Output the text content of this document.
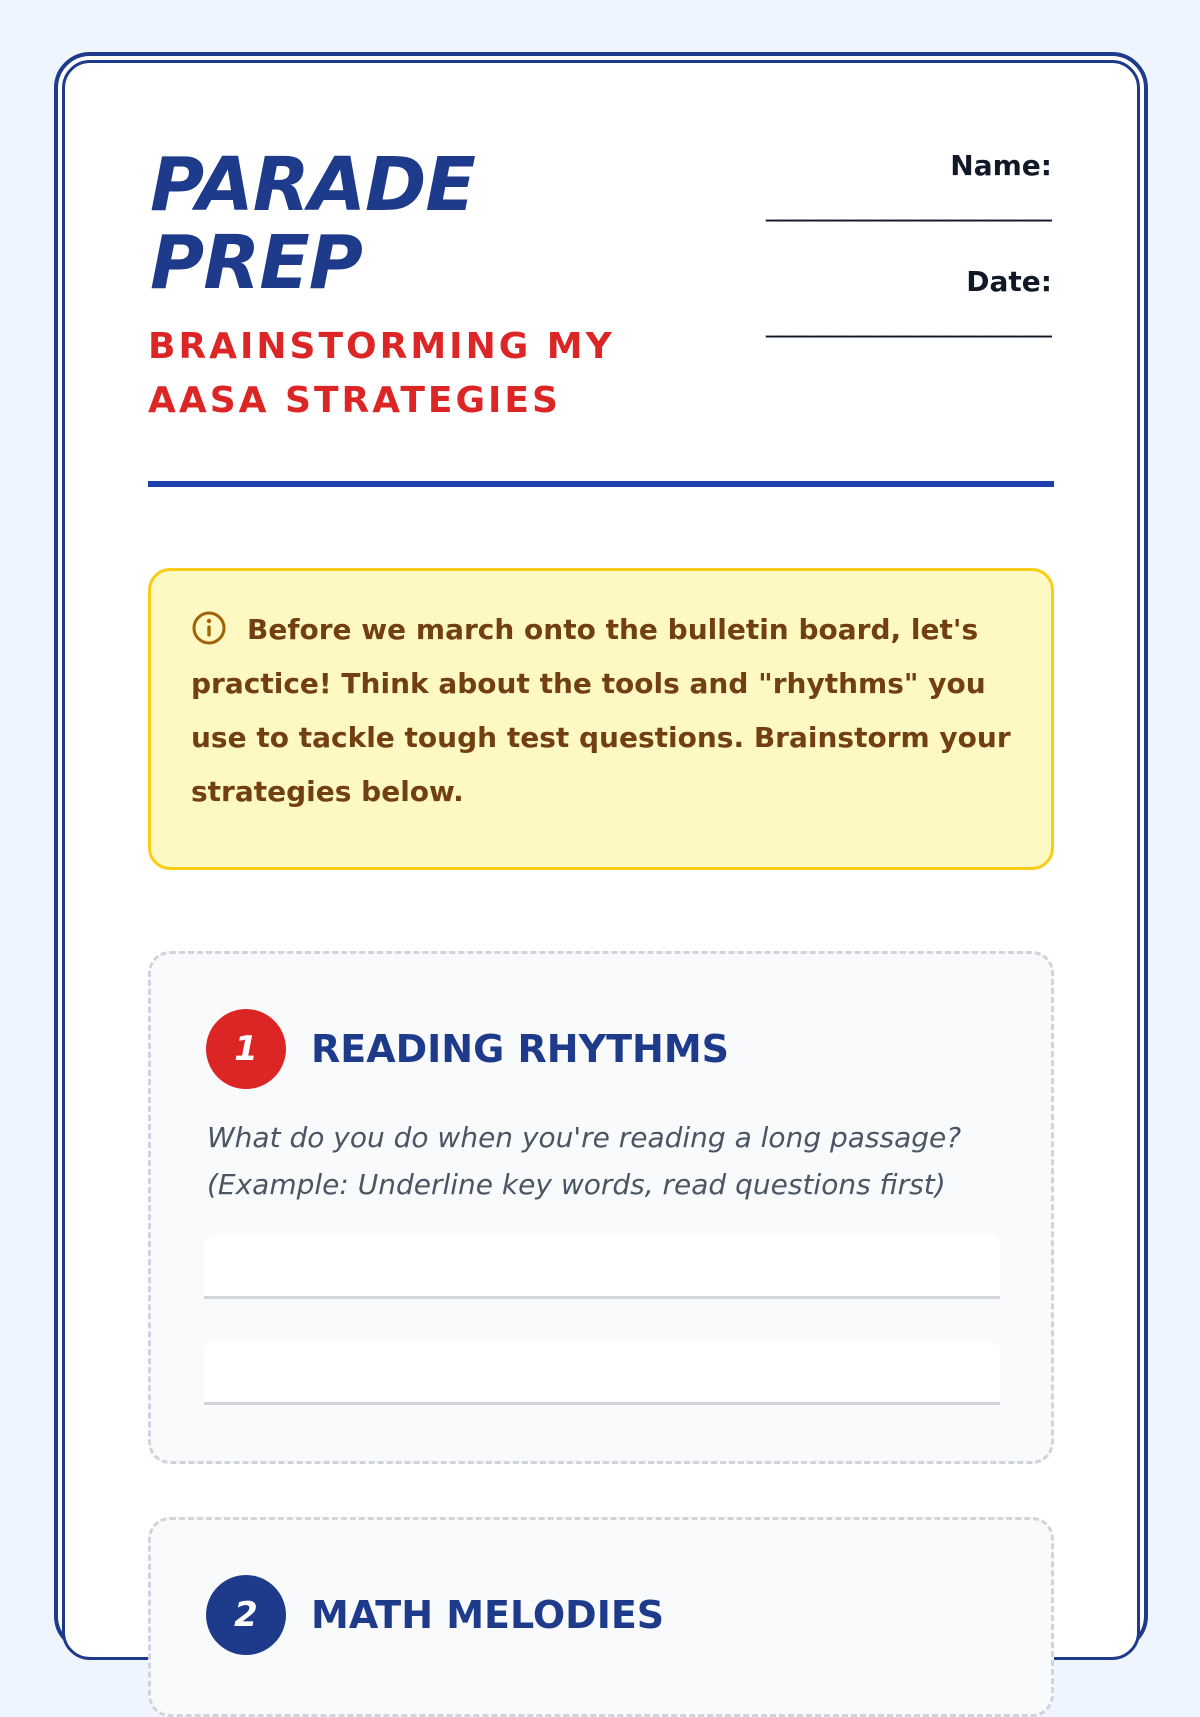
PARADE PREP
BRAINSTORMING MY AASA STRATEGIES
Name:
______________________
Date:
______________________

Before we march onto the bulletin board, let's practice! Think about the tools and "rhythms" you use to tackle tough test questions. Brainstorm your strategies below.

1	READING RHYTHMS

What do you do when you're reading a long passage? (Example: Underline key words, read questions first)

2	MATH MELODIES
